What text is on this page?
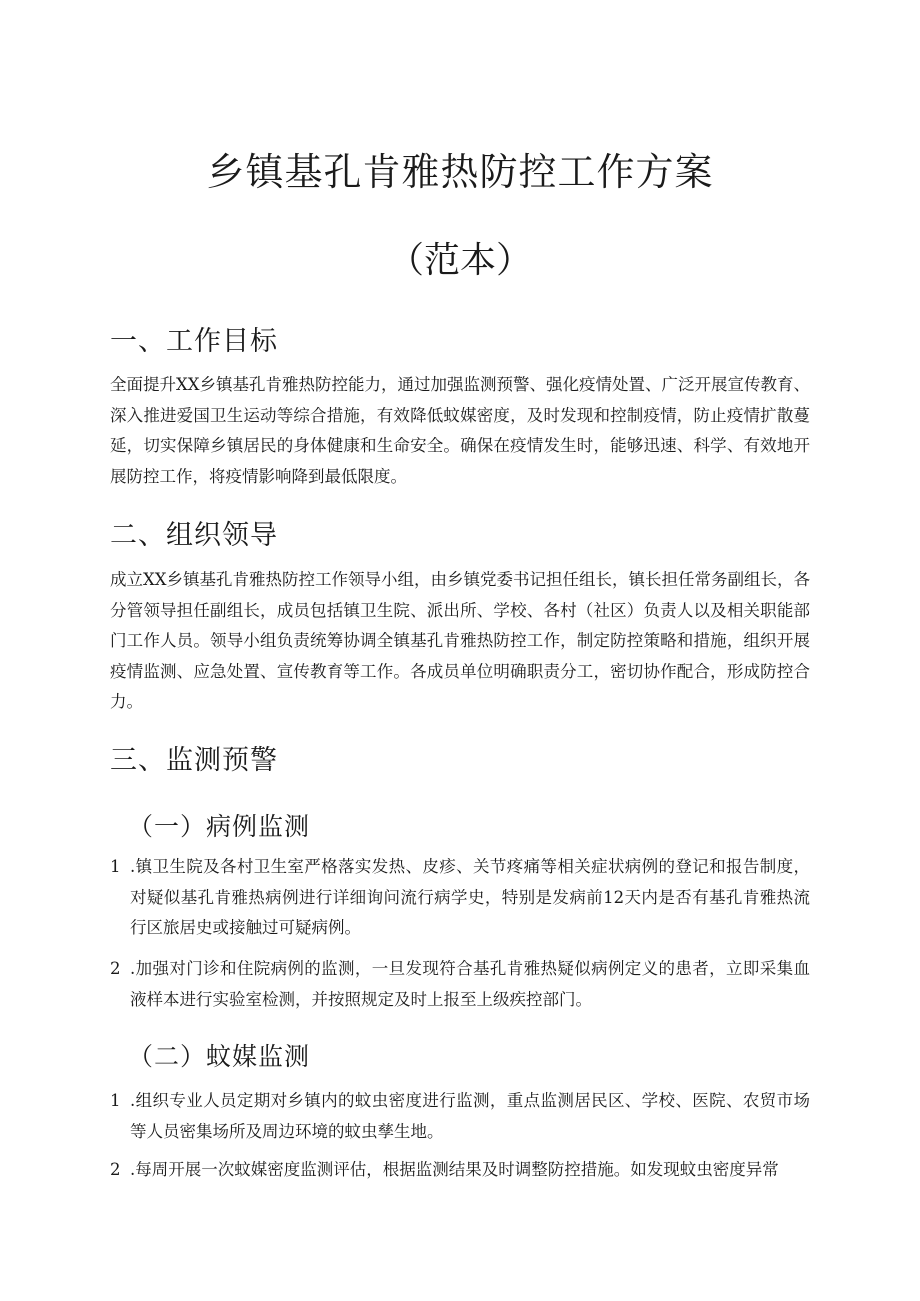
乡镇基孔肯雅热防控工作方案
（范本）
一、工作目标

全面提升XX乡镇基孔肯雅热防控能力，通过加强监测预警、强化疫情处置、广泛开展宣传教育、深入推进爱国卫生运动等综合措施，有效降低蚊媒密度，及时发现和控制疫情，防止疫情扩散蔓延，切实保障乡镇居民的身体健康和生命安全。确保在疫情发生时，能够迅速、科学、有效地开展防控工作，将疫情影响降到最低限度。

二、组织领导

成立XX乡镇基孔肯雅热防控工作领导小组，由乡镇党委书记担任组长，镇长担任常务副组长，各分管领导担任副组长，成员包括镇卫生院、派出所、学校、各村（社区）负责人以及相关职能部门工作人员。领导小组负责统筹协调全镇基孔肯雅热防控工作，制定防控策略和措施，组织开展疫情监测、应急处置、宣传教育等工作。各成员单位明确职责分工，密切协作配合，形成防控合力。

三、监测预警
（一）病例监测
1 .镇卫生院及各村卫生室严格落实发热、皮疹、关节疼痛等相关症状病例的登记和报告制度，对疑似基孔肯雅热病例进行详细询问流行病学史，特别是发病前12天内是否有基孔肯雅热流行区旅居史或接触过可疑病例。
2 .加强对门诊和住院病例的监测，一旦发现符合基孔肯雅热疑似病例定义的患者，立即采集血液样本进行实验室检测，并按照规定及时上报至上级疾控部门。
（二）蚊媒监测
1 .组织专业人员定期对乡镇内的蚊虫密度进行监测，重点监测居民区、学校、医院、农贸市场等人员密集场所及周边环境的蚊虫孳生地。
2 .每周开展一次蚊媒密度监测评估，根据监测结果及时调整防控措施。如发现蚊虫密度异常
